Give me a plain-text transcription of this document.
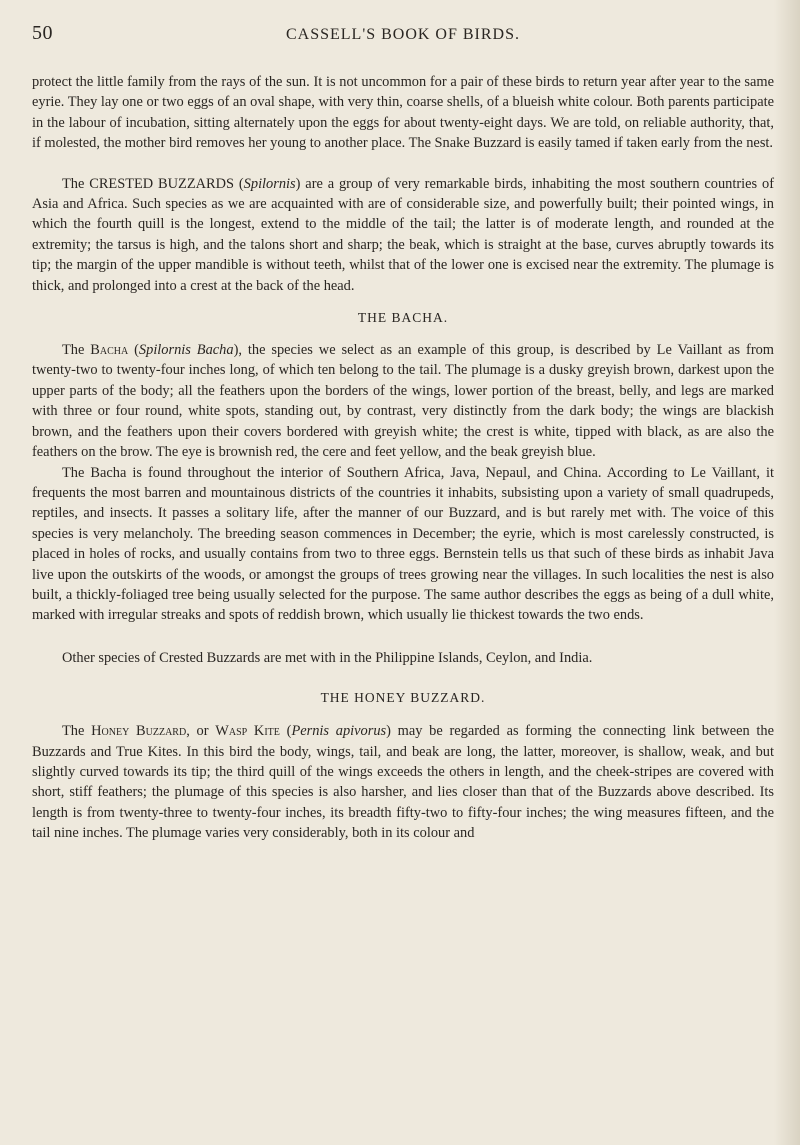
50	CASSELL'S BOOK OF BIRDS.

protect the little family from the rays of the sun. It is not uncommon for a pair of these birds to return year after year to the same eyrie. They lay one or two eggs of an oval shape, with very thin, coarse shells, of a blueish white colour. Both parents participate in the labour of incubation, sitting alternately upon the eggs for about twenty-eight days. We are told, on reliable authority, that, if molested, the mother bird removes her young to another place. The Snake Buzzard is easily tamed if taken early from the nest.

The CRESTED BUZZARDS (Spilornis) are a group of very remarkable birds, inhabiting the most southern countries of Asia and Africa. Such species as we are acquainted with are of considerable size, and powerfully built; their pointed wings, in which the fourth quill is the longest, extend to the middle of the tail; the latter is of moderate length, and rounded at the extremity; the tarsus is high, and the talons short and sharp; the beak, which is straight at the base, curves abruptly towards its tip; the margin of the upper mandible is without teeth, whilst that of the lower one is excised near the extremity. The plumage is thick, and prolonged into a crest at the back of the head.

THE BACHA.

The Bacha (Spilornis Bacha), the species we select as an example of this group, is described by Le Vaillant as from twenty-two to twenty-four inches long, of which ten belong to the tail. The plumage is a dusky greyish brown, darkest upon the upper parts of the body; all the feathers upon the borders of the wings, lower portion of the breast, belly, and legs are marked with three or four round, white spots, standing out, by contrast, very distinctly from the dark body; the wings are blackish brown, and the feathers upon their covers bordered with greyish white; the crest is white, tipped with black, as are also the feathers on the brow. The eye is brownish red, the cere and feet yellow, and the beak greyish blue.

The Bacha is found throughout the interior of Southern Africa, Java, Nepaul, and China. According to Le Vaillant, it frequents the most barren and mountainous districts of the countries it inhabits, subsisting upon a variety of small quadrupeds, reptiles, and insects. It passes a solitary life, after the manner of our Buzzard, and is but rarely met with. The voice of this species is very melancholy. The breeding season commences in December; the eyrie, which is most carelessly constructed, is placed in holes of rocks, and usually contains from two to three eggs. Bernstein tells us that such of these birds as inhabit Java live upon the outskirts of the woods, or amongst the groups of trees growing near the villages. In such localities the nest is also built, a thickly-foliaged tree being usually selected for the purpose. The same author describes the eggs as being of a dull white, marked with irregular streaks and spots of reddish brown, which usually lie thickest towards the two ends.

Other species of Crested Buzzards are met with in the Philippine Islands, Ceylon, and India.

THE HONEY BUZZARD.

The Honey Buzzard, or Wasp Kite (Pernis apivorus) may be regarded as forming the connecting link between the Buzzards and True Kites. In this bird the body, wings, tail, and beak are long, the latter, moreover, is shallow, weak, and but slightly curved towards its tip; the third quill of the wings exceeds the others in length, and the cheek-stripes are covered with short, stiff feathers; the plumage of this species is also harsher, and lies closer than that of the Buzzards above described. Its length is from twenty-three to twenty-four inches, its breadth fifty-two to fifty-four inches; the wing measures fifteen, and the tail nine inches. The plumage varies very considerably, both in its colour and
